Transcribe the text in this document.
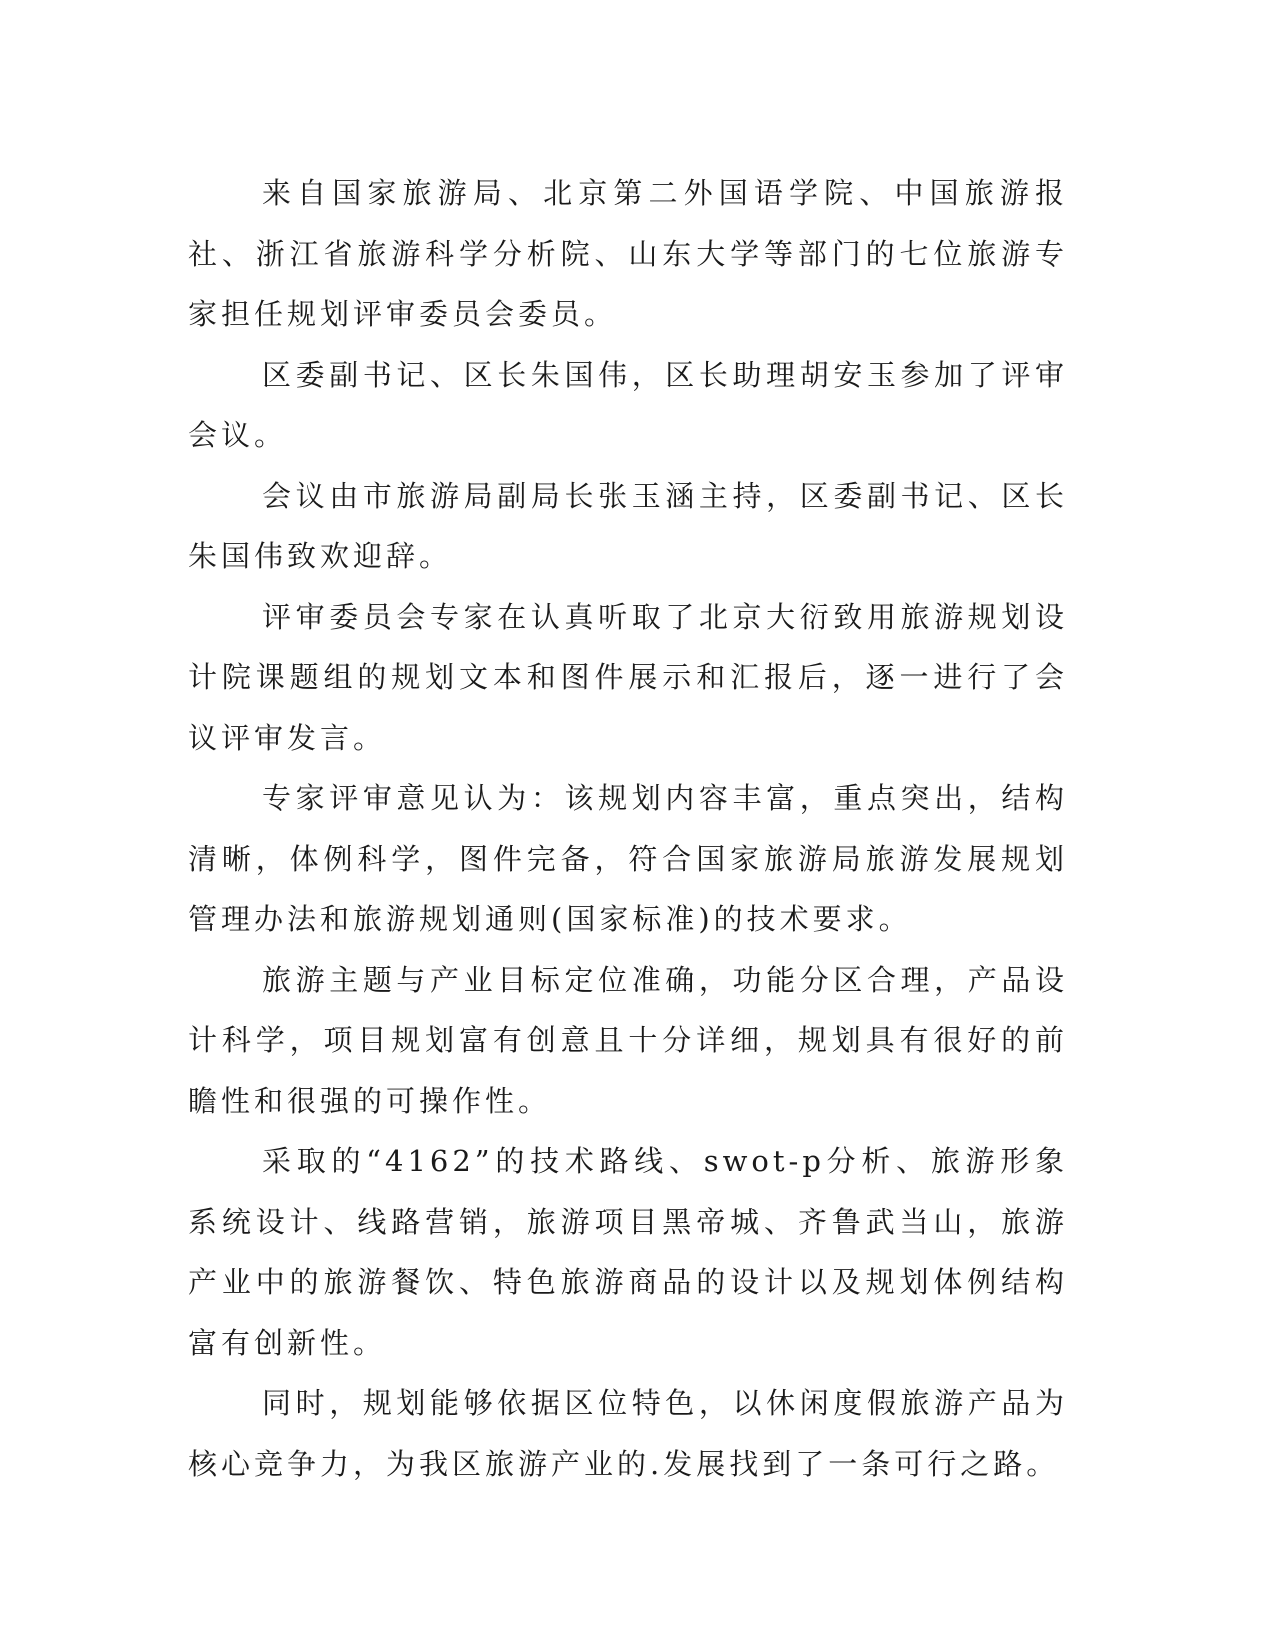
来自国家旅游局、北京第二外国语学院、中国旅游报社、浙江省旅游科学分析院、山东大学等部门的七位旅游专家担任规划评审委员会委员。

区委副书记、区长朱国伟，区长助理胡安玉参加了评审会议。

会议由市旅游局副局长张玉涵主持，区委副书记、区长朱国伟致欢迎辞。

评审委员会专家在认真听取了北京大衍致用旅游规划设计院课题组的规划文本和图件展示和汇报后，逐一进行了会议评审发言。

专家评审意见认为：该规划内容丰富，重点突出，结构清晰，体例科学，图件完备，符合国家旅游局旅游发展规划管理办法和旅游规划通则(国家标准)的技术要求。

旅游主题与产业目标定位准确，功能分区合理，产品设计科学，项目规划富有创意且十分详细，规划具有很好的前瞻性和很强的可操作性。

采取的“4162”的技术路线、swot-p分析、旅游形象系统设计、线路营销，旅游项目黑帝城、齐鲁武当山，旅游产业中的旅游餐饮、特色旅游商品的设计以及规划体例结构富有创新性。

同时，规划能够依据区位特色，以休闲度假旅游产品为核心竞争力，为我区旅游产业的.发展找到了一条可行之路。
